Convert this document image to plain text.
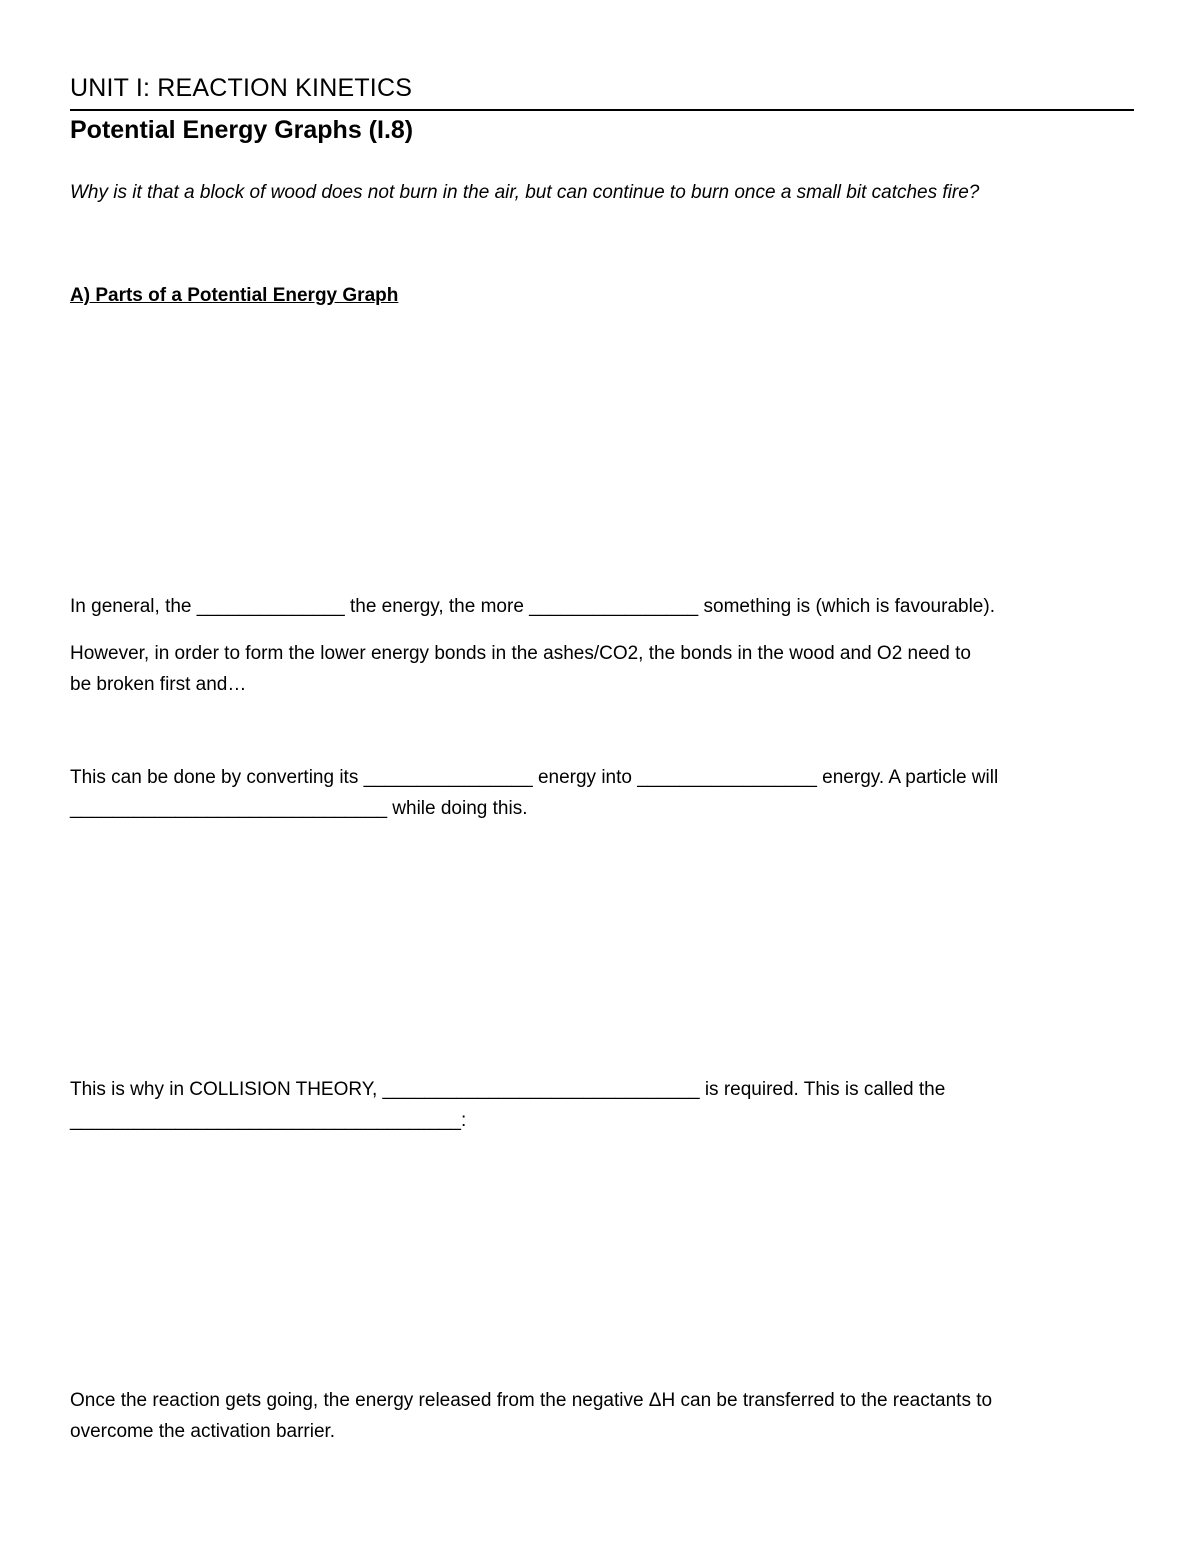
UNIT I: REACTION KINETICS
Potential Energy Graphs (I.8)
Why is it that a block of wood does not burn in the air, but can continue to burn once a small bit catches fire?
A) Parts of a Potential Energy Graph
In general, the ______________ the energy, the more ________________ something is (which is favourable).
However, in order to form the lower energy bonds in the ashes/CO2, the bonds in the wood and O2 need to
be broken first and…
This can be done by converting its ________________ energy into _________________ energy. A particle will
______________________________ while doing this.
This is why in COLLISION THEORY, ______________________________ is required. This is called the
_____________________________________:
Once the reaction gets going, the energy released from the negative ΔH can be transferred to the reactants to
overcome the activation barrier.
